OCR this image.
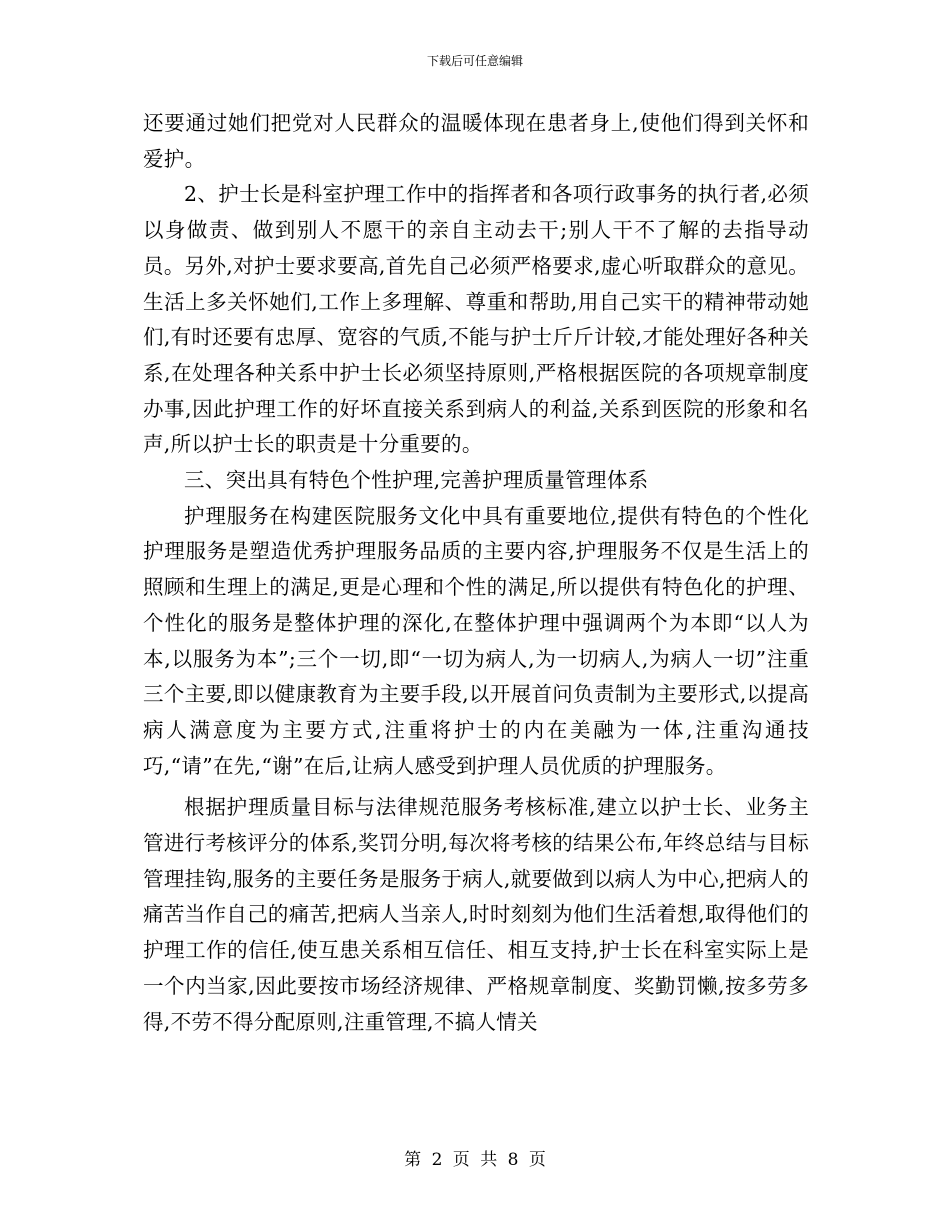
下载后可任意编辑

还要通过她们把党对人民群众的温暖体现在患者身上,使他们得到关怀和爱护。

2、护士长是科室护理工作中的指挥者和各项行政事务的执行者,必须以身做责、做到别人不愿干的亲自主动去干;别人干不了解的去指导动员。另外,对护士要求要高,首先自己必须严格要求,虚心听取群众的意见。生活上多关怀她们,工作上多理解、尊重和帮助,用自己实干的精神带动她们,有时还要有忠厚、宽容的气质,不能与护士斤斤计较,才能处理好各种关系,在处理各种关系中护士长必须坚持原则,严格根据医院的各项规章制度办事,因此护理工作的好坏直接关系到病人的利益,关系到医院的形象和名声,所以护士长的职责是十分重要的。

三、突出具有特色个性护理,完善护理质量管理体系

护理服务在构建医院服务文化中具有重要地位,提供有特色的个性化护理服务是塑造优秀护理服务品质的主要内容,护理服务不仅是生活上的照顾和生理上的满足,更是心理和个性的满足,所以提供有特色化的护理、个性化的服务是整体护理的深化,在整体护理中强调两个为本即“以人为本,以服务为本”;三个一切,即“一切为病人,为一切病人,为病人一切”注重三个主要,即以健康教育为主要手段,以开展首问负责制为主要形式,以提高病人满意度为主要方式,注重将护士的内在美融为一体,注重沟通技巧,“请”在先,“谢”在后,让病人感受到护理人员优质的护理服务。

根据护理质量目标与法律规范服务考核标准,建立以护士长、业务主管进行考核评分的体系,奖罚分明,每次将考核的结果公布,年终总结与目标管理挂钩,服务的主要任务是服务于病人,就要做到以病人为中心,把病人的痛苦当作自己的痛苦,把病人当亲人,时时刻刻为他们生活着想,取得他们的护理工作的信任,使互患关系相互信任、相互支持,护士长在科室实际上是一个内当家,因此要按市场经济规律、严格规章制度、奖勤罚懒,按多劳多得,不劳不得分配原则,注重管理,不搞人情关

第 2 页 共 8 页
